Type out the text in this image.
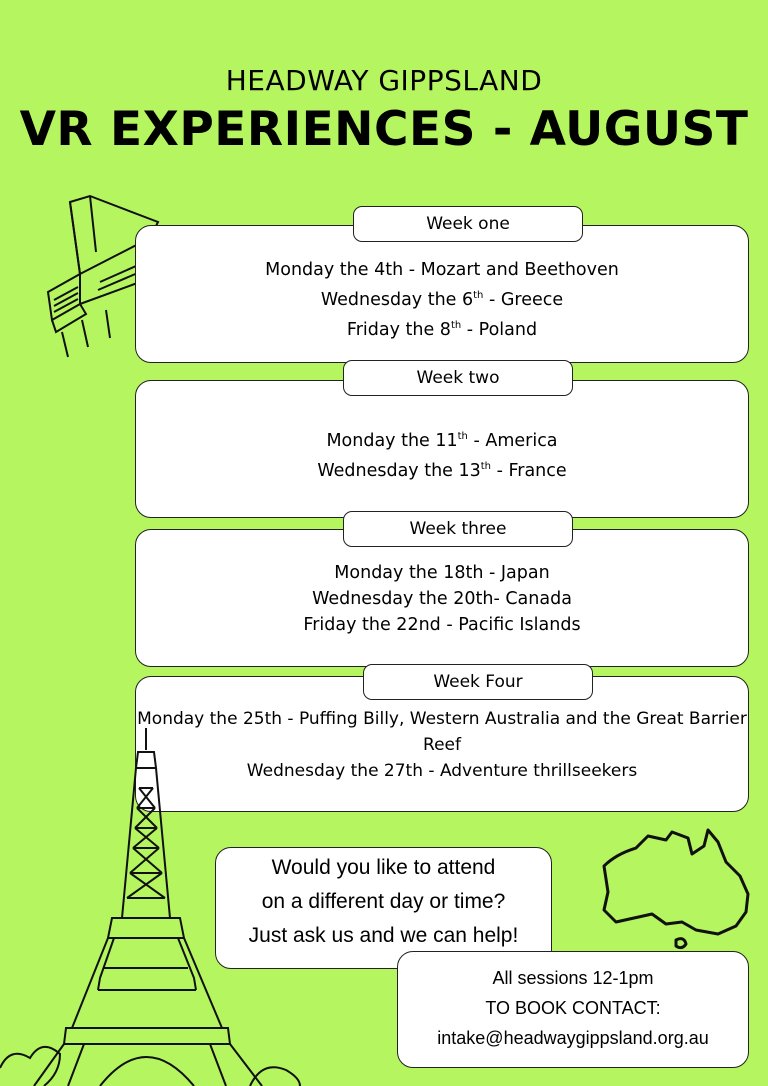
HEADWAY GIPPSLAND
VR EXPERIENCES - AUGUST
Monday the 4th - Mozart and Beethoven
Wednesday the 6th - Greece
Friday the 8th - Poland
Week one
Monday the 11th - America
Wednesday the 13th - France
Week two
Monday the 18th - Japan
Wednesday the 20th- Canada
Friday the 22nd - Pacific Islands
Week three
Monday the 25th - Puffing Billy, Western Australia and the Great Barrier Reef
Wednesday the 27th - Adventure thrillseekers
Week Four
Would you like to attend
on a different day or time?
Just ask us and we can help!
All sessions 12-1pm
TO BOOK CONTACT:
intake@headwaygippsland.org.au
